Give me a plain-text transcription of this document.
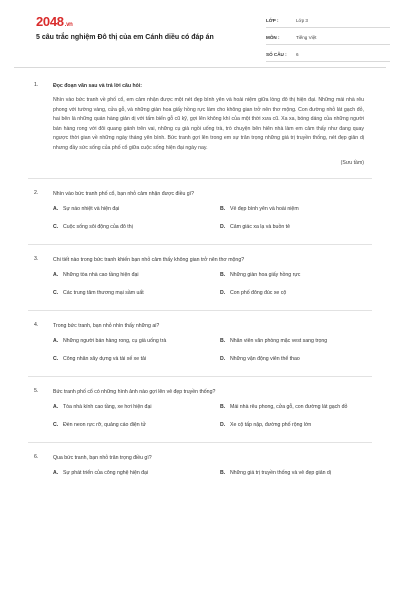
2048.vn
5 câu trắc nghiệm Đô thị của em Cánh diều có đáp án
LỚP :	Lớp 3
MÔN :	Tiếng Việt
SỐ CÂU :	6
1.	Đọc đoạn văn sau và trả lời câu hỏi:
Nhìn vào bức tranh về phố cổ, em cảm nhận được một nét đẹp bình yên và hoài niệm giữa lòng đô thị hiện đại. Những mái nhà rêu phong với tường vàng, cửa gỗ, và những giàn hoa giấy hồng rực làm cho không gian trở nên thơ mộng. Con đường nhỏ lát gạch đỏ, hai bên là những quán hàng giản dị với tấm biển gỗ cũ kỹ, gợi lên không khí của một thời xưa cũ. Xa xa, bóng dáng của những người bán hàng rong với đôi quang gánh trên vai, những cụ già ngồi uống trà, trò chuyện bên hiên nhà làm em cảm thấy như đang quay ngược thời gian về những ngày tháng yên bình. Bức tranh gợi lên trong em sự trân trọng những giá trị truyền thống, nét đẹp giản dị nhưng đầy sức sống của phố cổ giữa cuộc sống hiện đại ngày nay.
(Sưu tầm)
2.	Nhìn vào bức tranh phố cổ, bạn nhỏ cảm nhận được điều gì?
A. Sự náo nhiệt và hiện đại	B. Vẻ đẹp bình yên và hoài niệm
C. Cuộc sống sôi động của đô thị	D. Cảm giác xa lạ và buồn tẻ
3.	Chi tiết nào trong bức tranh khiến bạn nhỏ cảm thấy không gian trở nên thơ mộng?
A. Những tòa nhà cao tầng hiện đại	B. Những giàn hoa giấy hồng rực
C. Các trung tâm thương mại sầm uất	D. Con phố đông đúc xe cộ
4.	Trong bức tranh, bạn nhỏ nhìn thấy những ai?
A. Những người bán hàng rong, cụ già uống trà	B. Nhân viên văn phòng mặc vest sang trọng
C. Công nhân xây dựng và tài xế xe tải	D. Những vận động viên thể thao
5.	Bức tranh phố cổ có những hình ảnh nào gợi lên vẻ đẹp truyền thống?
A. Tòa nhà kính cao tầng, xe hơi hiện đại	B. Mái nhà rêu phong, cửa gỗ, con đường lát gạch đỏ
C. Đèn neon rực rỡ, quảng cáo điện tử	D. Xe cộ tấp nập, đường phố rộng lớn
6.	Qua bức tranh, bạn nhỏ trân trọng điều gì?
A. Sự phát triển của công nghệ hiện đại	B. Những giá trị truyền thống và vẻ đẹp giản dị
